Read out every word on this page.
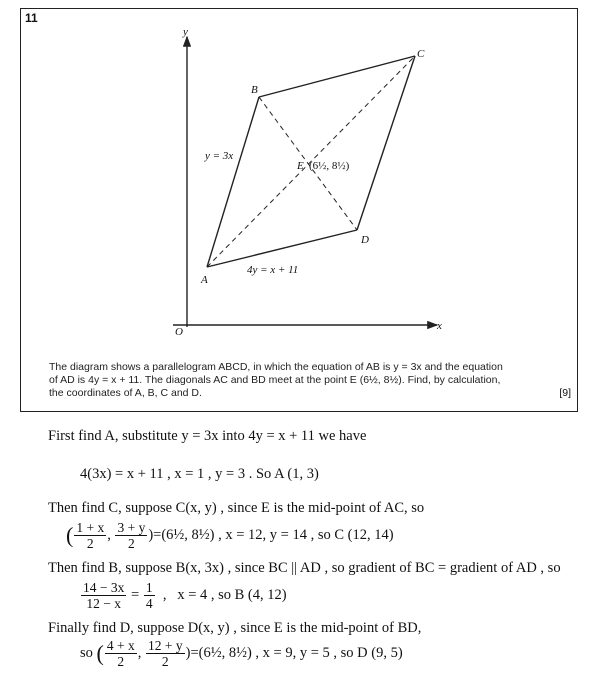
11
y
x
O
A
B
C
D
E (6½, 8½)
y = 3x
4y = x + 11
The diagram shows a parallelogram ABCD, in which the equation of AB is y = 3x and the equation
of AD is 4y = x + 11. The diagonals AC and BD meet at the point E (6½, 8½). Find, by calculation,
the coordinates of A, B, C and D.	[9]
First find A, substitute y = 3x into 4y = x + 11 we have
4(3x) = x + 11 , x = 1 , y = 3 . So A (1, 3)
Then find C, suppose C(x, y) , since E is the mid-point of AC, so
( $\frac{1 + x}{2}$ , $\frac{3 + y}{2}$ )=(6½, 8½) , x = 12, y = 14 , so C (12, 14)
Then find B, suppose B(x, 3x) , since BC || AD , so gradient of BC = gradient of AD , so
$\frac{14 - 3x}{12 - x} = \frac{1}{4}$ ,   x = 4 , so B (4, 12)
Finally find D, suppose D(x, y) , since E is the mid-point of BD,
so ( $\frac{4 + x}{2}$ , $\frac{12 + y}{2}$ )=(6½, 8½) , x = 9, y = 5 , so D (9, 5)
